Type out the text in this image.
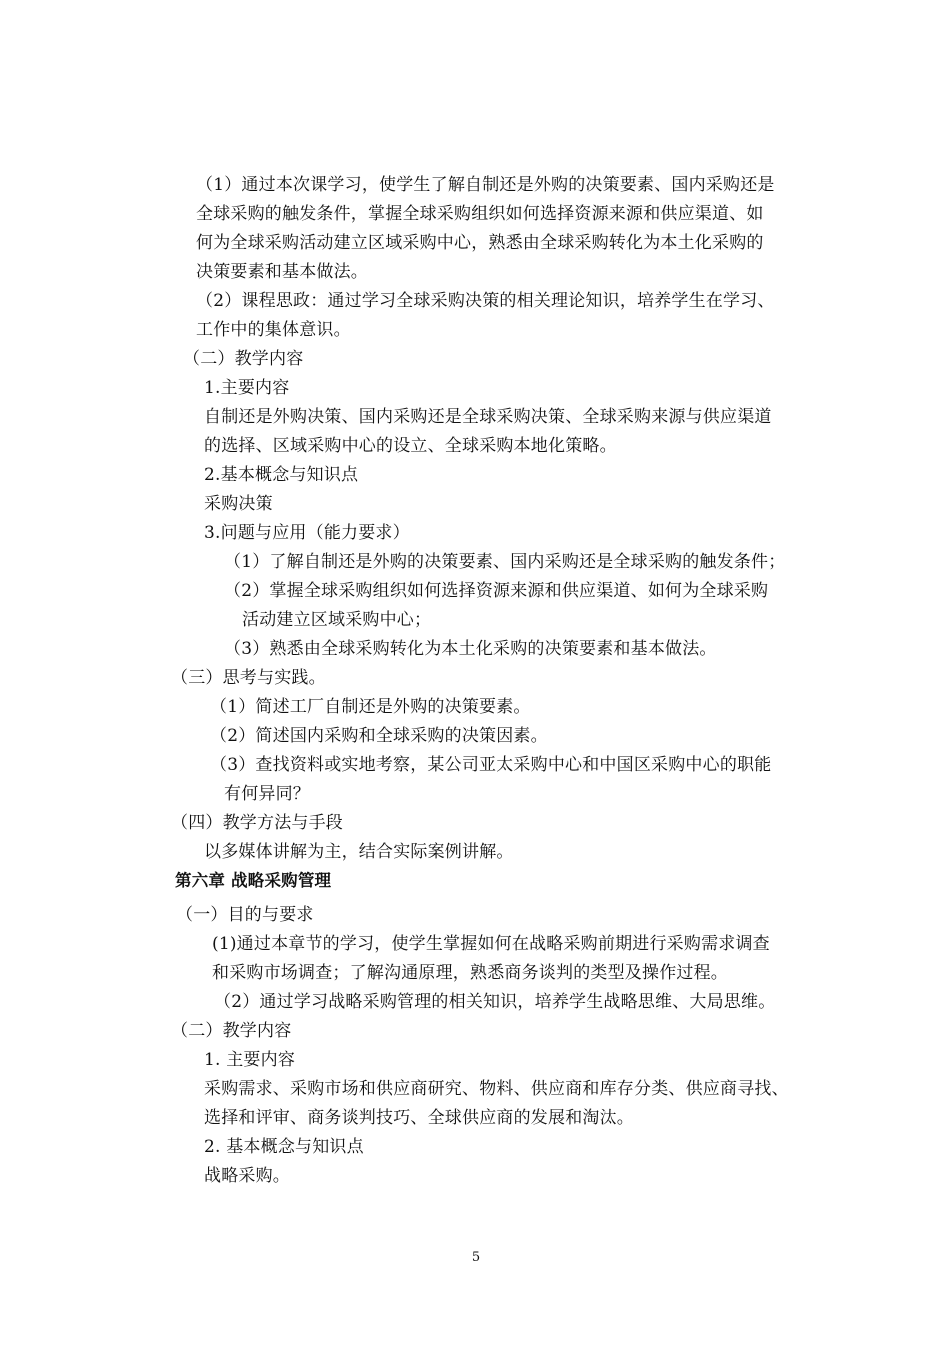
（1）通过本次课学习，使学生了解自制还是外购的决策要素、国内采购还是
全球采购的触发条件，掌握全球采购组织如何选择资源来源和供应渠道、如
何为全球采购活动建立区域采购中心，熟悉由全球采购转化为本土化采购的
决策要素和基本做法。
（2）课程思政：通过学习全球采购决策的相关理论知识，培养学生在学习、
工作中的集体意识。
（二）教学内容
1.主要内容
自制还是外购决策、国内采购还是全球采购决策、全球采购来源与供应渠道
的选择、区域采购中心的设立、全球采购本地化策略。
2.基本概念与知识点
采购决策
3.问题与应用（能力要求）
（1）了解自制还是外购的决策要素、国内采购还是全球采购的触发条件；
（2）掌握全球采购组织如何选择资源来源和供应渠道、如何为全球采购
活动建立区域采购中心；
（3）熟悉由全球采购转化为本土化采购的决策要素和基本做法。
（三）思考与实践。
（1）简述工厂自制还是外购的决策要素。
（2）简述国内采购和全球采购的决策因素。
（3）查找资料或实地考察，某公司亚太采购中心和中国区采购中心的职能
有何异同？
（四）教学方法与手段
以多媒体讲解为主，结合实际案例讲解。
第六章 战略采购管理
（一）目的与要求
(1)通过本章节的学习，使学生掌握如何在战略采购前期进行采购需求调查
和采购市场调查；了解沟通原理，熟悉商务谈判的类型及操作过程。
（2）通过学习战略采购管理的相关知识，培养学生战略思维、大局思维。
（二）教学内容
1. 主要内容
采购需求、采购市场和供应商研究、物料、供应商和库存分类、供应商寻找、
选择和评审、商务谈判技巧、全球供应商的发展和淘汰。
2. 基本概念与知识点
战略采购。
5
